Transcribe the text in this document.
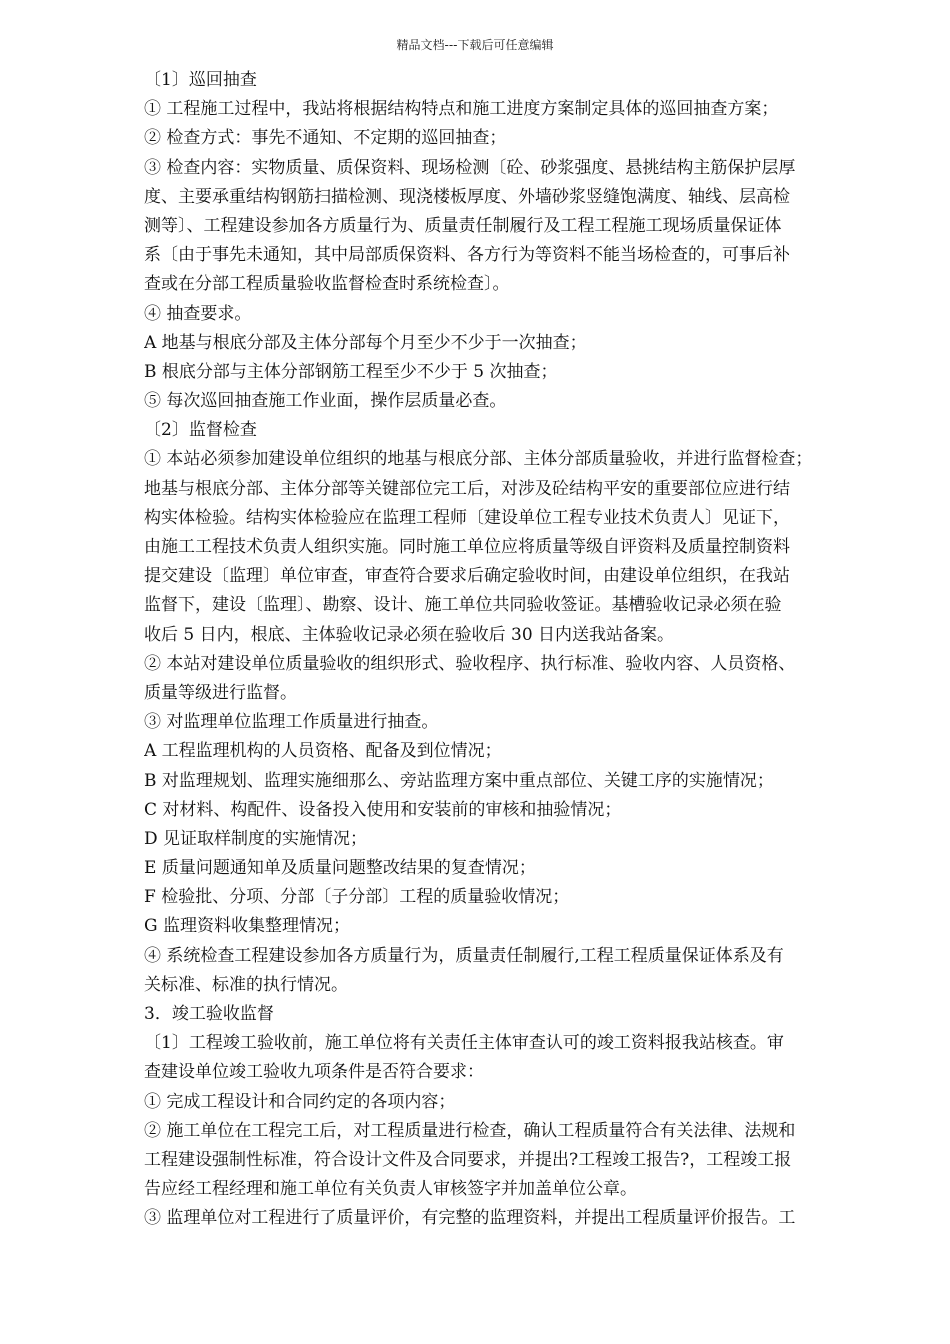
精品文档---下载后可任意编辑
〔1〕巡回抽查
① 工程施工过程中，我站将根据结构特点和施工进度方案制定具体的巡回抽查方案；
② 检查方式：事先不通知、不定期的巡回抽查；
③ 检查内容：实物质量、质保资料、现场检测〔砼、砂浆强度、悬挑结构主筋保护层厚
度、主要承重结构钢筋扫描检测、现浇楼板厚度、外墙砂浆竖缝饱满度、轴线、层高检
测等〕、工程建设参加各方质量行为、质量责任制履行及工程工程施工现场质量保证体
系〔由于事先未通知，其中局部质保资料、各方行为等资料不能当场检查的，可事后补
查或在分部工程质量验收监督检查时系统检查〕。
④ 抽查要求。
A 地基与根底分部及主体分部每个月至少不少于一次抽查；
B 根底分部与主体分部钢筋工程至少不少于 5 次抽查；
⑤ 每次巡回抽查施工作业面，操作层质量必查。
〔2〕监督检查
① 本站必须参加建设单位组织的地基与根底分部、主体分部质量验收，并进行监督检查；
地基与根底分部、主体分部等关键部位完工后，对涉及砼结构平安的重要部位应进行结
构实体检验。结构实体检验应在监理工程师〔建设单位工程专业技术负责人〕见证下，
由施工工程技术负责人组织实施。同时施工单位应将质量等级自评资料及质量控制资料
提交建设〔监理〕单位审查，审查符合要求后确定验收时间，由建设单位组织，在我站
监督下，建设〔监理〕、勘察、设计、施工单位共同验收签证。基槽验收记录必须在验
收后 5 日内，根底、主体验收记录必须在验收后 30 日内送我站备案。
② 本站对建设单位质量验收的组织形式、验收程序、执行标准、验收内容、人员资格、
质量等级进行监督。
③ 对监理单位监理工作质量进行抽查。
A 工程监理机构的人员资格、配备及到位情况；
B 对监理规划、监理实施细那么、旁站监理方案中重点部位、关键工序的实施情况；
C 对材料、构配件、设备投入使用和安装前的审核和抽验情况；
D 见证取样制度的实施情况；
E 质量问题通知单及质量问题整改结果的复查情况；
F 检验批、分项、分部〔子分部〕工程的质量验收情况；
G 监理资料收集整理情况；
④ 系统检查工程建设参加各方质量行为，质量责任制履行,工程工程质量保证体系及有
关标准、标准的执行情况。
3．竣工验收监督
〔1〕工程竣工验收前，施工单位将有关责任主体审查认可的竣工资料报我站核查。审
查建设单位竣工验收九项条件是否符合要求：
① 完成工程设计和合同约定的各项内容；
② 施工单位在工程完工后，对工程质量进行检查，确认工程质量符合有关法律、法规和
工程建设强制性标准，符合设计文件及合同要求，并提出?工程竣工报告?，工程竣工报
告应经工程经理和施工单位有关负责人审核签字并加盖单位公章。
③ 监理单位对工程进行了质量评价，有完整的监理资料，并提出工程质量评价报告。工
